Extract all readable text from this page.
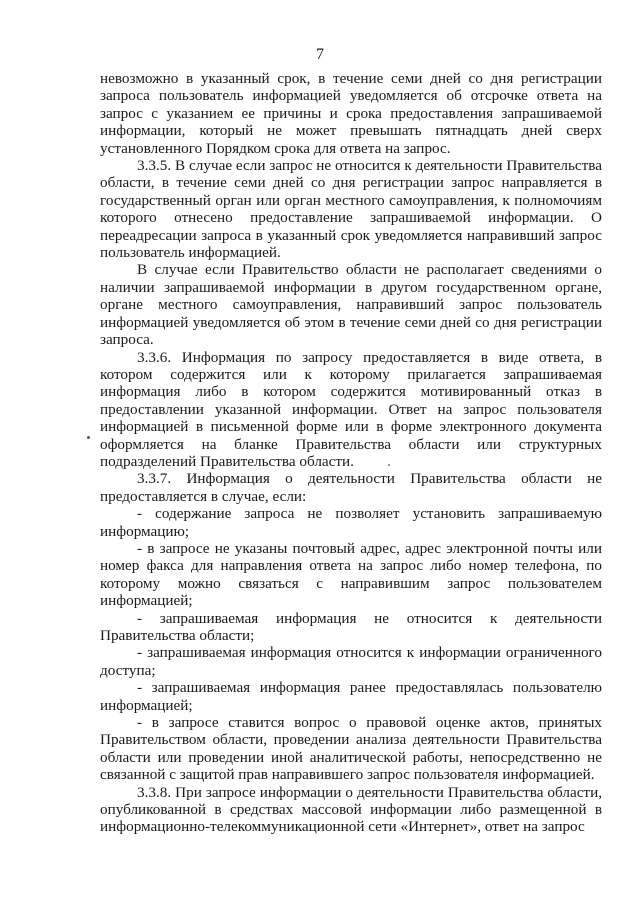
7

невозможно в указанный срок, в течение семи дней со дня регистрации запроса пользователь информацией уведомляется об отсрочке ответа на запрос с указанием ее причины и срока предоставления запрашиваемой информации, который не может превышать пятнадцать дней сверх установленного Порядком срока для ответа на запрос.

3.3.5. В случае если запрос не относится к деятельности Правительства области, в течение семи дней со дня регистрации запрос направляется в государственный орган или орган местного самоуправления, к полномочиям которого отнесено предоставление запрашиваемой информации. О переадресации запроса в указанный срок уведомляется направивший запрос пользователь информацией.

В случае если Правительство области не располагает сведениями о наличии запрашиваемой информации в другом государственном органе, органе местного самоуправления, направивший запрос пользователь информацией уведомляется об этом в течение семи дней со дня регистрации запроса.

3.3.6. Информация по запросу предоставляется в виде ответа, в котором содержится или к которому прилагается запрашиваемая информация либо в котором содержится мотивированный отказ в предоставлении указанной информации. Ответ на запрос пользователя информацией в письменной форме или в форме электронного документа оформляется на бланке Правительства области или структурных подразделений Правительства области.

3.3.7. Информация о деятельности Правительства области не предоставляется в случае, если:

- содержание запроса не позволяет установить запрашиваемую информацию;

- в запросе не указаны почтовый адрес, адрес электронной почты или номер факса для направления ответа на запрос либо номер телефона, по которому можно связаться с направившим запрос пользователем информацией;

- запрашиваемая информация не относится к деятельности Правительства области;

- запрашиваемая информация относится к информации ограниченного доступа;

- запрашиваемая информация ранее предоставлялась пользователю информацией;

- в запросе ставится вопрос о правовой оценке актов, принятых Правительством области, проведении анализа деятельности Правительства области или проведении иной аналитической работы, непосредственно не связанной с защитой прав направившего запрос пользователя информацией.

3.3.8. При запросе информации о деятельности Правительства области, опубликованной в средствах массовой информации либо размещенной в информационно-телекоммуникационной сети «Интернет», ответ на запрос
